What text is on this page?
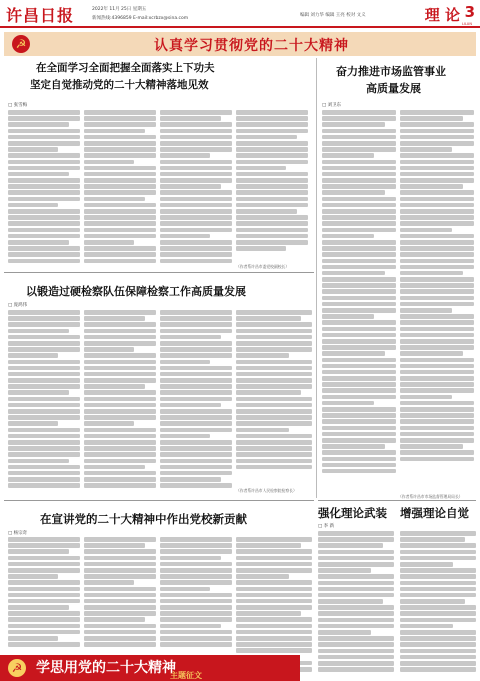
许昌日报	2022年 11月 25日 星期五
新闻热线:4396859 E-mail:xcrbzx@sina.com
编辑 刘力华 编辑 王亮 校对 文义	理 论 3
LILUN
☭	认真学习贯彻党的二十大精神
在全面学习全面把握全面落实上下功夫
坚定自觉推动党的二十大精神落地见效
□ 张雪梅
奋力推进市场监管事业
高质量发展
□ 刘卫东
（作者系许昌市委党校副校长）
（作者系许昌市市场监督管理局局长）
以锻造过硬检察队伍保障检察工作高质量发展
□ 庞鸿伟
（作者系许昌市人民检察院检察长）
强化理论武装 增强理论自觉
□ 李 新
在宣讲党的二十大精神中作出党校新贡献
□ 杨宗奇
☭ 学思用党的二十大精神
主题征文
